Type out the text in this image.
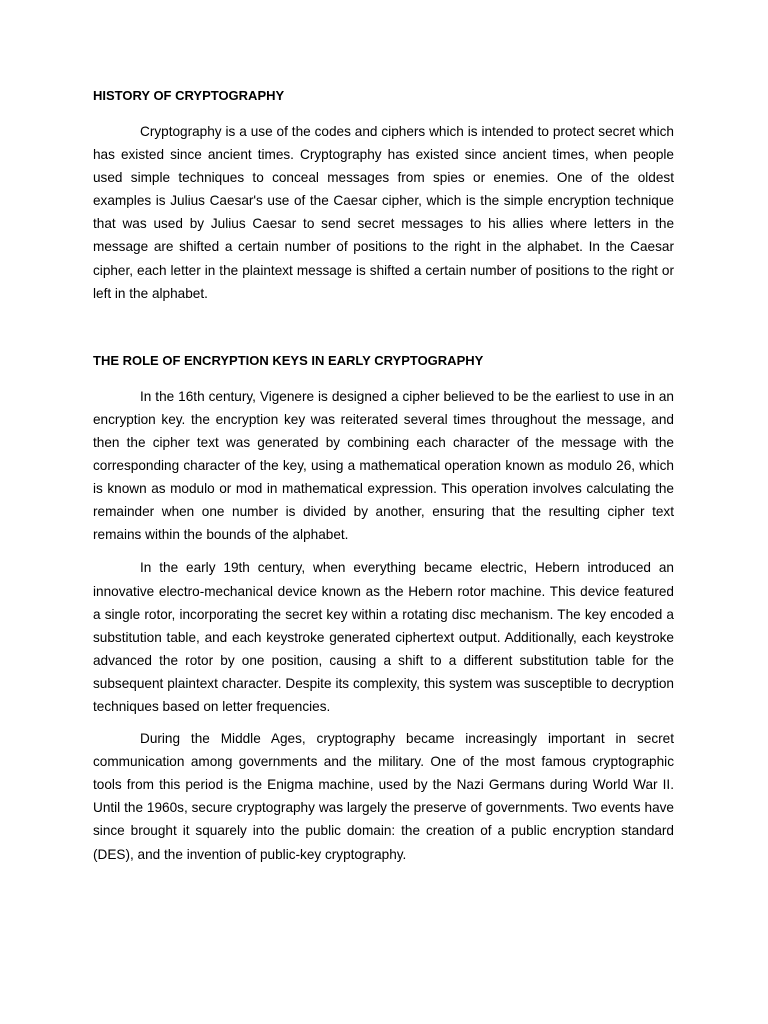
HISTORY OF CRYPTOGRAPHY

Cryptography is a use of the codes and ciphers which is intended to protect secret which has existed since ancient times. Cryptography has existed since ancient times, when people used simple techniques to conceal messages from spies or enemies. One of the oldest examples is Julius Caesar's use of the Caesar cipher, which is the simple encryption technique that was used by Julius Caesar to send secret messages to his allies where letters in the message are shifted a certain number of positions to the right in the alphabet. In the Caesar cipher, each letter in the plaintext message is shifted a certain number of positions to the right or left in the alphabet.

THE ROLE OF ENCRYPTION KEYS IN EARLY CRYPTOGRAPHY

In the 16th century, Vigenere is designed a cipher believed to be the earliest to use in an encryption key. the encryption key was reiterated several times throughout the message, and then the cipher text was generated by combining each character of the message with the corresponding character of the key, using a mathematical operation known as modulo 26, which is known as modulo or mod in mathematical expression. This operation involves calculating the remainder when one number is divided by another, ensuring that the resulting cipher text remains within the bounds of the alphabet.

In the early 19th century, when everything became electric, Hebern introduced an innovative electro-mechanical device known as the Hebern rotor machine. This device featured a single rotor, incorporating the secret key within a rotating disc mechanism. The key encoded a substitution table, and each keystroke generated ciphertext output. Additionally, each keystroke advanced the rotor by one position, causing a shift to a different substitution table for the subsequent plaintext character. Despite its complexity, this system was susceptible to decryption techniques based on letter frequencies.

During the Middle Ages, cryptography became increasingly important in secret communication among governments and the military. One of the most famous cryptographic tools from this period is the Enigma machine, used by the Nazi Germans during World War II. Until the 1960s, secure cryptography was largely the preserve of governments. Two events have since brought it squarely into the public domain: the creation of a public encryption standard (DES), and the invention of public-key cryptography.
